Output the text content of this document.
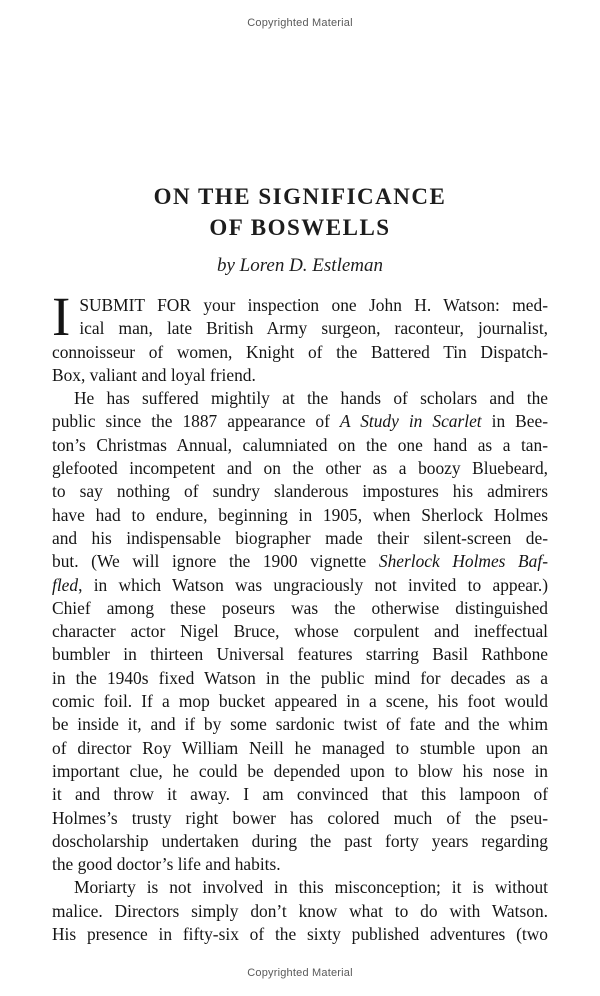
Copyrighted Material
ON THE SIGNIFICANCE
OF BOSWELLS
by Loren D. Estleman
I SUBMIT FOR your inspection one John H. Watson: med-
ical man, late British Army surgeon, raconteur, journalist,
connoisseur of women, Knight of the Battered Tin Dispatch-
Box, valiant and loyal friend.
He has suffered mightily at the hands of scholars and the
public since the 1887 appearance of A Study in Scarlet in Bee-
ton’s Christmas Annual, calumniated on the one hand as a tan-
glefooted incompetent and on the other as a boozy Bluebeard,
to say nothing of sundry slanderous impostures his admirers
have had to endure, beginning in 1905, when Sherlock Holmes
and his indispensable biographer made their silent-screen de-
but. (We will ignore the 1900 vignette Sherlock Holmes Baf-
fled, in which Watson was ungraciously not invited to appear.)
Chief among these poseurs was the otherwise distinguished
character actor Nigel Bruce, whose corpulent and ineffectual
bumbler in thirteen Universal features starring Basil Rathbone
in the 1940s fixed Watson in the public mind for decades as a
comic foil. If a mop bucket appeared in a scene, his foot would
be inside it, and if by some sardonic twist of fate and the whim
of director Roy William Neill he managed to stumble upon an
important clue, he could be depended upon to blow his nose in
it and throw it away. I am convinced that this lampoon of
Holmes’s trusty right bower has colored much of the pseu-
doscholarship undertaken during the past forty years regarding
the good doctor’s life and habits.
Moriarty is not involved in this misconception; it is without
malice. Directors simply don’t know what to do with Watson.
His presence in fifty-six of the sixty published adventures (two
Copyrighted Material
